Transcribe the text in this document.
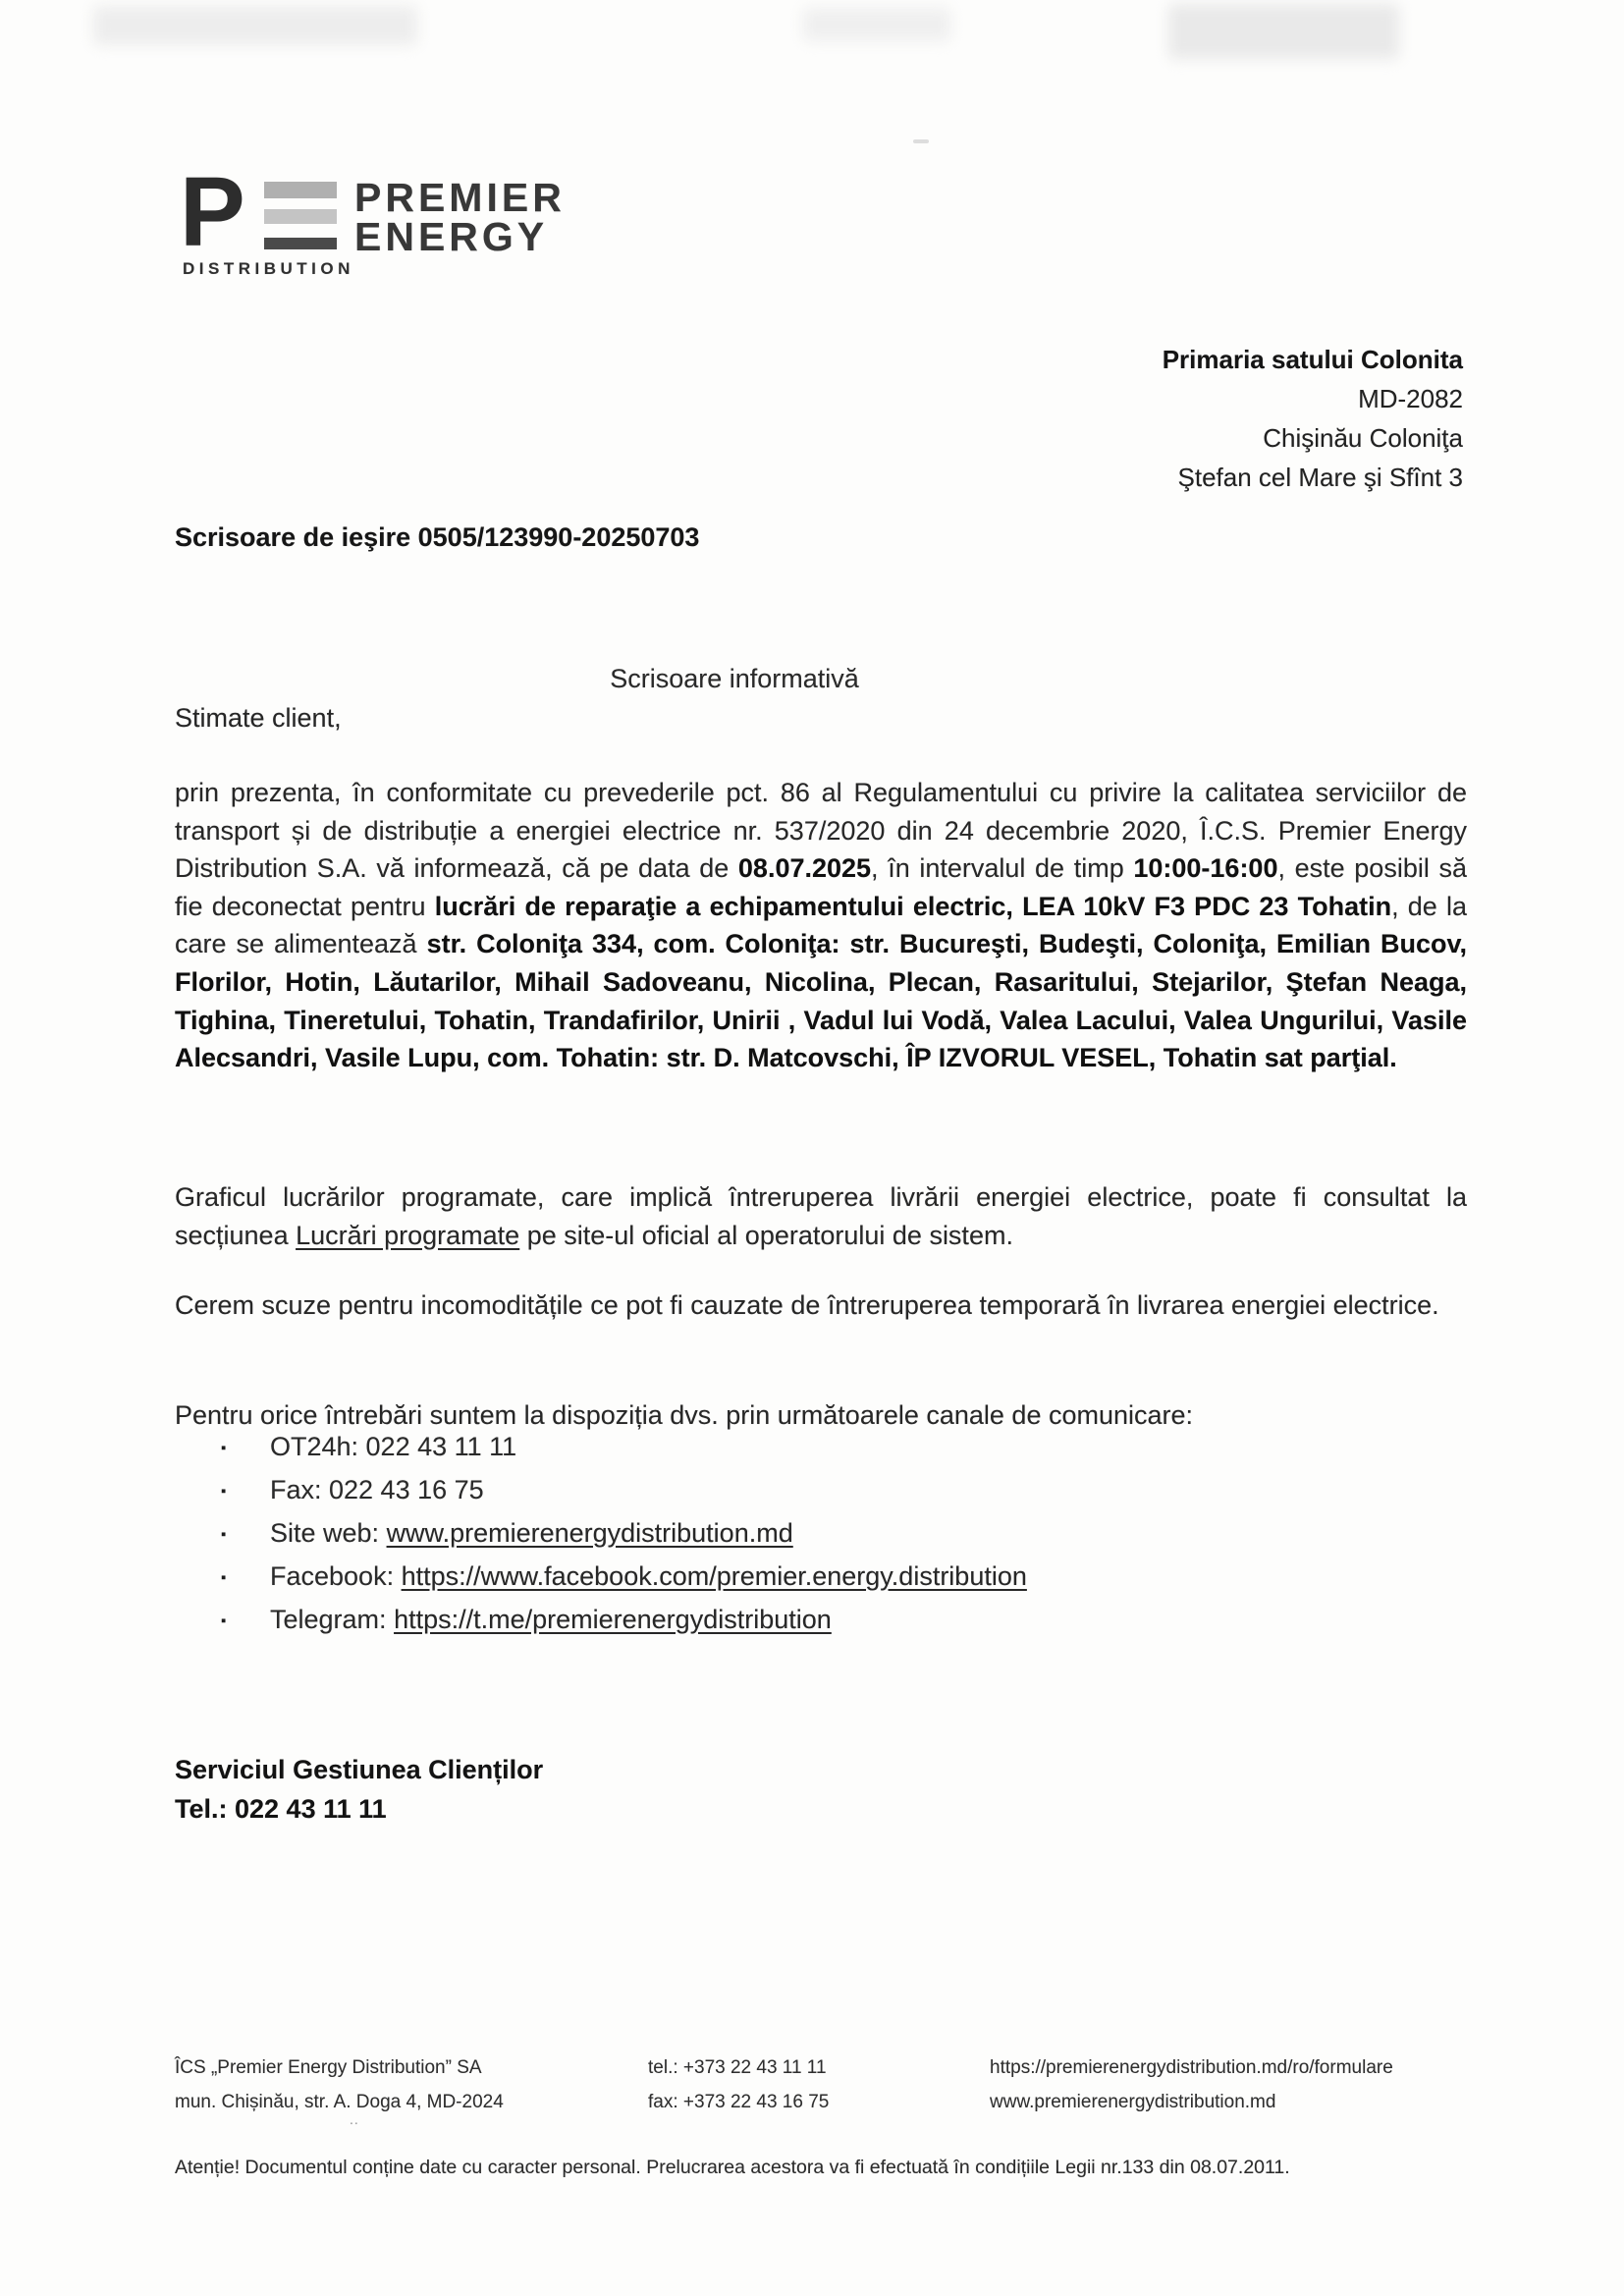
..
P	PREMIER
ENERGY
DISTRIBUTION
Primaria satului Colonita
MD-2082
Chişinău Coloniţa
Ştefan cel Mare şi Sfînt 3
Scrisoare de ieşire 0505/123990-20250703
Scrisoare informativă
Stimate client,

prin prezenta, în conformitate cu prevederile pct. 86 al Regulamentului cu privire la calitatea serviciilor de transport și de distribuție a energiei electrice nr. 537/2020 din 24 decembrie 2020, Î.C.S. Premier Energy Distribution S.A. vă informează, că pe data de 08.07.2025, în intervalul de timp 10:00-16:00, este posibil să fie deconectat pentru lucrări de reparaţie a echipamentului electric, LEA 10kV F3 PDC 23 Tohatin, de la care se alimentează str. Coloniţa 334, com. Coloniţa: str. Bucureşti, Budeşti, Coloniţa, Emilian Bucov, Florilor, Hotin, Lăutarilor, Mihail Sadoveanu, Nicolina, Plecan, Rasaritului, Stejarilor, Ştefan Neaga, Tighina, Tineretului, Tohatin, Trandafirilor, Unirii , Vadul lui Vodă, Valea Lacului, Valea Ungurilui, Vasile Alecsandri, Vasile Lupu, com. Tohatin: str. D. Matcovschi, ÎP IZVORUL VESEL, Tohatin sat parţial.

Graficul lucrărilor programate, care implică întreruperea livrării energiei electrice, poate fi consultat la secțiunea Lucrări programate pe site-ul oficial al operatorului de sistem.

Cerem scuze pentru incomoditățile ce pot fi cauzate de întreruperea temporară în livrarea energiei electrice.

Pentru orice întrebări suntem la dispoziția dvs. prin următoarele canale de comunicare:

▪ OT24h: 022 43 11 11
▪ Fax: 022 43 16 75
▪ Site web: www.premierenergydistribution.md
▪ Facebook: https://www.facebook.com/premier.energy.distribution
▪ Telegram: https://t.me/premierenergydistribution
Serviciul Gestiunea Clienților
Tel.: 022 43 11 11
ÎCS „Premier Energy Distribution” SA
mun. Chișinău, str. A. Doga 4, MD-2024
tel.: +373 22 43 11 11
fax: +373 22 43 16 75
https://premierenergydistribution.md/ro/formulare
www.premierenergydistribution.md
Atenție! Documentul conține date cu caracter personal. Prelucrarea acestora va fi efectuată în condițiile Legii nr.133 din 08.07.2011.
